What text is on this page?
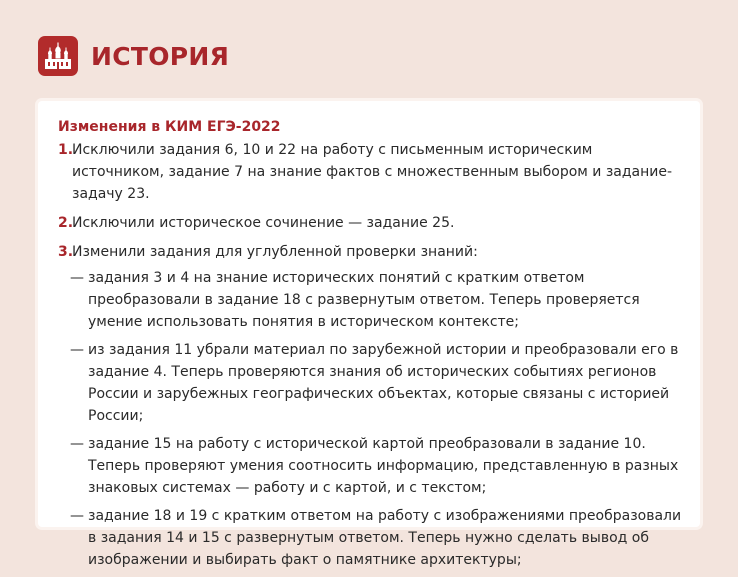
ИСТОРИЯ
Изменения в КИМ ЕГЭ-2022
1.
Исключили задания 6, 10 и 22 на работу с письменным историческим источником, задание 7 на знание фактов с множественным выбором и задание-задачу 23.
2.
Исключили историческое сочинение — задание 25.
3.
Изменили задания для углубленной проверки знаний:
— задания 3 и 4 на знание исторических понятий с кратким ответом преобразовали в задание 18 с развернутым ответом. Теперь проверяется умение использовать понятия в историческом контексте;
— из задания 11 убрали материал по зарубежной истории и преобразовали его в задание 4. Теперь проверяются знания об исторических событиях регионов России и зарубежных географических объектах, которые связаны с историей России;
— задание 15 на работу с исторической картой преобразовали в задание 10. Теперь проверяют умения соотносить информацию, представленную в разных знаковых системах — работу и с картой, и с текстом;
— задание 18 и 19 с кратким ответом на работу с изображениями преобразовали в задания 14 и 15 с развернутым ответом. Теперь нужно сделать вывод об изображении и выбирать факт о памятнике архитектуры;
